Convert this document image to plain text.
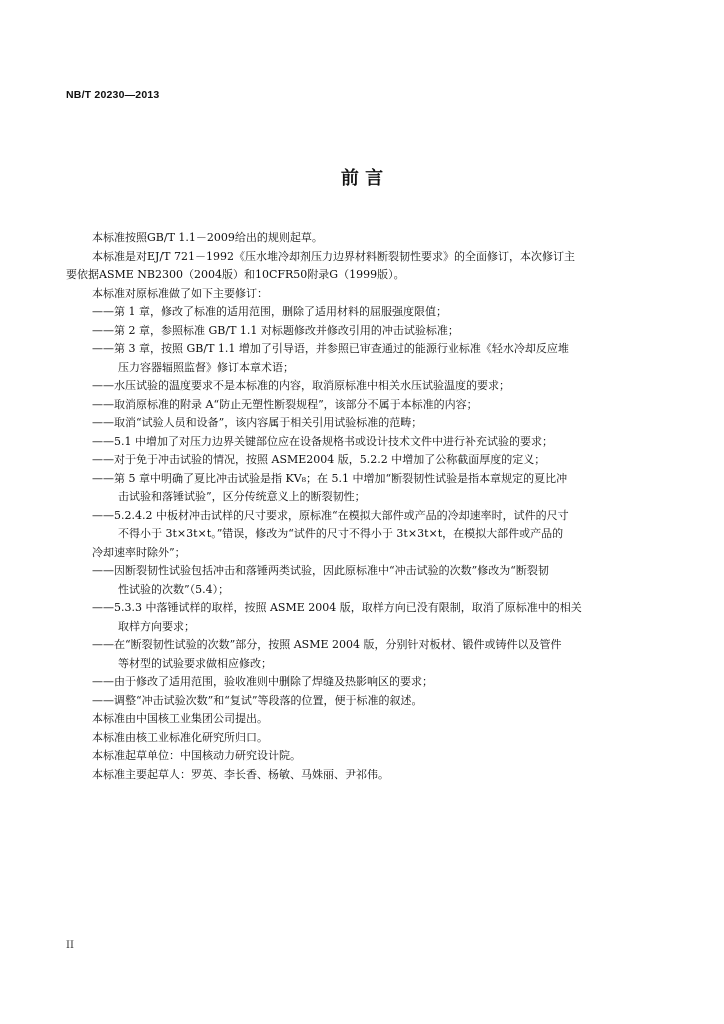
NB/T 20230—2013
前 言

本标准按照GB/T 1.1－2009给出的规则起草。

本标准是对EJ/T 721－1992《压水堆冷却剂压力边界材料断裂韧性要求》的全面修订，本次修订主

要依据ASME NB2300（2004版）和10CFR50附录G（1999版）。

本标准对原标准做了如下主要修订：

——第 1 章，修改了标准的适用范围，删除了适用材料的屈服强度限值；
——第 2 章，参照标准 GB/T 1.1 对标题修改并修改引用的冲击试验标准；
——第 3 章，按照 GB/T 1.1 增加了引导语，并参照已审查通过的能源行业标准《轻水冷却反应堆
压力容器辐照监督》修订本章术语；
——水压试验的温度要求不是本标准的内容，取消原标准中相关水压试验温度的要求；
——取消原标准的附录 A“防止无塑性断裂规程”，该部分不属于本标准的内容；
——取消“试验人员和设备”，该内容属于相关引用试验标准的范畴；
——5.1 中增加了对压力边界关键部位应在设备规格书或设计技术文件中进行补充试验的要求；
——对于免于冲击试验的情况，按照 ASME2004 版，5.2.2 中增加了公称截面厚度的定义；
——第 5 章中明确了夏比冲击试验是指 KV₈；在 5.1 中增加“断裂韧性试验是指本章规定的夏比冲
击试验和落锤试验”，区分传统意义上的断裂韧性；
——5.2.4.2 中板材冲击试样的尺寸要求，原标准“在模拟大部件或产品的冷却速率时，试件的尺寸
不得小于 3t×3t×t。”错误，修改为“试件的尺寸不得小于 3t×3t×t，在模拟大部件或产品的
冷却速率时除外”；
——因断裂韧性试验包括冲击和落锤两类试验，因此原标准中“冲击试验的次数”修改为“断裂韧
性试验的次数”（5.4）；
——5.3.3 中落锤试样的取样，按照 ASME 2004 版，取样方向已没有限制，取消了原标准中的相关
取样方向要求；
——在“断裂韧性试验的次数”部分，按照 ASME 2004 版，分别针对板材、锻件或铸件以及管件
等材型的试验要求做相应修改；
——由于修改了适用范围，验收准则中删除了焊缝及热影响区的要求；
——调整“冲击试验次数”和“复试”等段落的位置，便于标准的叙述。

本标准由中国核工业集团公司提出。

本标准由核工业标准化研究所归口。

本标准起草单位：中国核动力研究设计院。

本标准主要起草人：罗英、李长香、杨敏、马姝丽、尹祁伟。

II
